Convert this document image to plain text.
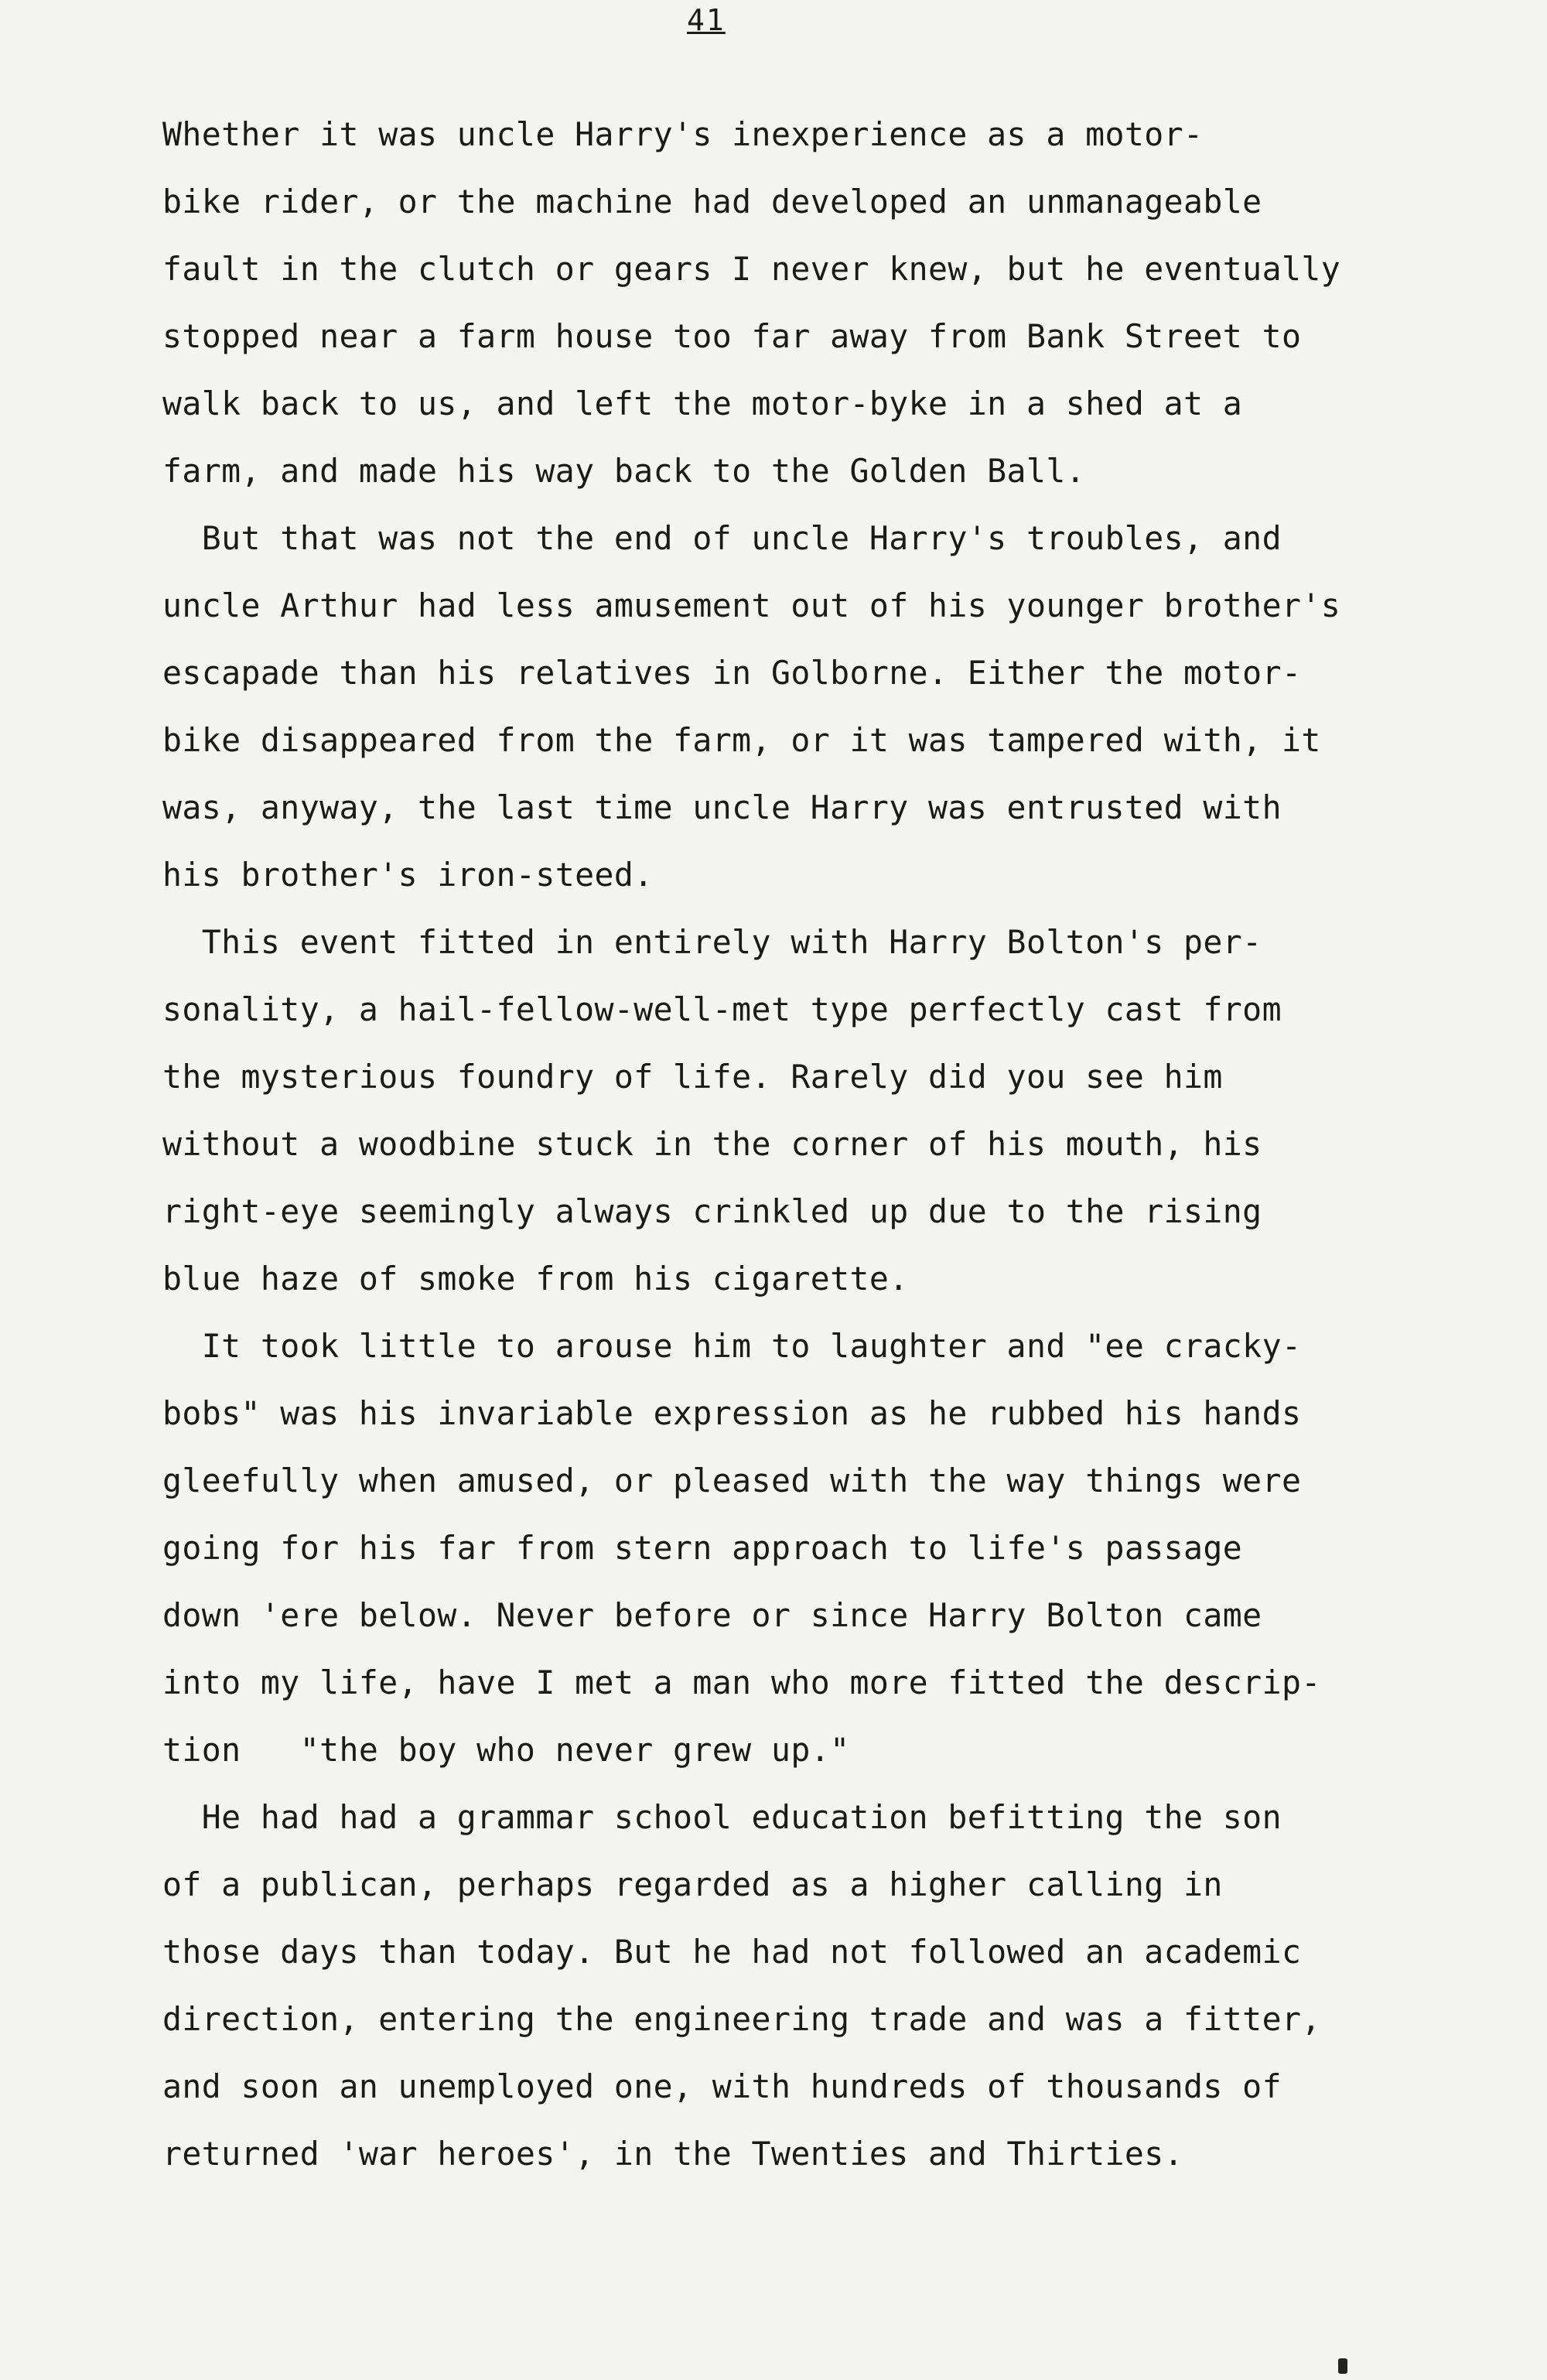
41
Whether it was uncle Harry's inexperience as a motor-
bike rider, or the machine had developed an unmanageable
fault in the clutch or gears I never knew, but he eventually
stopped near a farm house too far away from Bank Street to
walk back to us, and left the motor-byke in a shed at a
farm, and made his way back to the Golden Ball.
But that was not the end of uncle Harry's troubles, and
uncle Arthur had less amusement out of his younger brother's
escapade than his relatives in Golborne. Either the motor-
bike disappeared from the farm, or it was tampered with, it
was, anyway, the last time uncle Harry was entrusted with
his brother's iron-steed.
This event fitted in entirely with Harry Bolton's per-
sonality, a hail-fellow-well-met type perfectly cast from
the mysterious foundry of life. Rarely did you see him
without a woodbine stuck in the corner of his mouth, his
right-eye seemingly always crinkled up due to the rising
blue haze of smoke from his cigarette.
It took little to arouse him to laughter and "ee cracky-
bobs" was his invariable expression as he rubbed his hands
gleefully when amused, or pleased with the way things were
going for his far from stern approach to life's passage
down 'ere below. Never before or since Harry Bolton came
into my life, have I met a man who more fitted the descrip-
tion   "the boy who never grew up."
He had had a grammar school education befitting the son
of a publican, perhaps regarded as a higher calling in
those days than today. But he had not followed an academic
direction, entering the engineering trade and was a fitter,
and soon an unemployed one, with hundreds of thousands of
returned 'war heroes', in the Twenties and Thirties.
